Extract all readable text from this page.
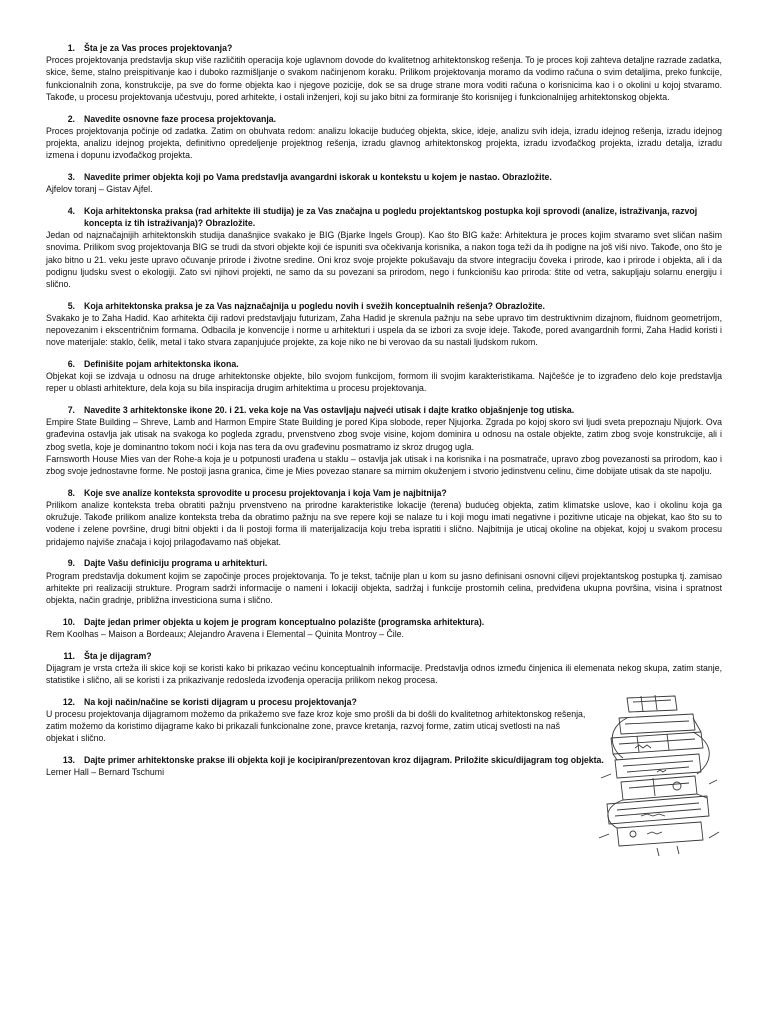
1. Šta je za Vas proces projektovanja?

Proces projektovanja predstavlja skup više različitih operacija koje uglavnom dovode do kvalitetnog arhitektonskog rešenja. To je proces koji zahteva detaljne razrade zadatka, skice, šeme, stalno preispitivanje kao i duboko razmišljanje o svakom načinjenom koraku. Prilikom projektovanja moramo da vodimo računa o svim detaljima, preko funkcije, funkcionalnih zona, konstrukcije, pa sve do forme objekta kao i njegove pozicije, dok se sa druge strane mora voditi računa o korisnicima kao i o okolini u kojoj stvaramo. Takođe, u procesu projektovanja učestvuju, pored arhitekte, i ostali inženjeri, koji su jako bitni za formiranje što korisnijeg i funkcionalnijeg arhitektonskog objekta.

2. Navedite osnovne faze procesa projektovanja.

Proces projektovanja počinje od zadatka. Zatim on obuhvata redom: analizu lokacije budućeg objekta, skice, ideje, analizu svih ideja, izradu idejnog rešenja, izradu idejnog projekta, analizu idejnog projekta, definitivno opredeljenje projektnog rešenja, izradu glavnog arhitektonskog projekta, izradu izvođačkog projekta, izradu detalja, izradu izmena i dopunu izvođačkog projekta.

3. Navedite primer objekta koji po Vama predstavlja avangardni iskorak u kontekstu u kojem je nastao. Obrazložite.

Ajfelov toranj – Gistav Ajfel.

4. Koja arhitektonska praksa (rad arhitekte ili studija) je za Vas značajna u pogledu projektantskog postupka koji sprovodi (analize, istraživanja, razvoj koncepta iz tih istraživanja)? Obrazložite.

Jedan od najznačajnijih arhitektonskih studija današnjice svakako je BIG (Bjarke Ingels Group). Kao što BIG kaže: Arhitektura je proces kojim stvaramo svet sličan našim snovima. Prilikom svog projektovanja BIG se trudi da stvori objekte koji će ispuniti sva očekivanja korisnika, a nakon toga teži da ih podigne na još viši nivo. Takođe, ono što je jako bitno u 21. veku jeste upravo očuvanje prirode i životne sredine. Oni kroz svoje projekte pokušavaju da stvore integraciju čoveka i prirode, kao i prirode i objekta, ali i da podignu ljudsku svest o ekologiji. Zato svi njihovi projekti, ne samo da su povezani sa prirodom, nego i funkcionišu kao priroda: štite od vetra, sakupljaju solarnu energiju i slično.

5. Koja arhitektonska praksa je za Vas najznačajnija u pogledu novih i svežih konceptualnih rešenja? Obrazložite.

Svakako je to Zaha Hadid. Kao arhitekta čiji radovi predstavljaju futurizam, Zaha Hadid je skrenula pažnju na sebe upravo tim destruktivnim dizajnom, fluidnom geometrijom, nepovezanim i ekscentričnim formama. Odbacila je konvencije i norme u arhitekturi i uspela da se izbori za svoje ideje. Takođe, pored avangardnih formi, Zaha Hadid koristi i nove materijale: staklo, čelik, metal i tako stvara zapanjujuće projekte, za koje niko ne bi verovao da su nastali ljudskom rukom.

6. Definišite pojam arhitektonska ikona.

Objekat koji se izdvaja u odnosu na druge arhitektonske objekte, bilo svojom funkcijom, formom ili svojim karakteristikama. Najčešće je to izgrađeno delo koje predstavlja reper u oblasti arhitekture, dela koja su bila inspiracija drugim arhitektima u procesu projektovanja.

7. Navedite 3 arhitektonske ikone 20. i 21. veka koje na Vas ostavljaju najveći utisak i dajte kratko objašnjenje tog utiska.

Empire State Building – Shreve, Lamb and Harmon Empire State Building je pored Kipa slobode, reper Njujorka. Zgrada po kojoj skoro svi ljudi sveta prepoznaju Njujork. Ova građevina ostavlja jak utisak na svakoga ko pogleda zgradu, prvenstveno zbog svoje visine, kojom dominira u odnosu na ostale objekte, zatim zbog svoje konstrukcije, ali i zbog svetla, koje je dominantno tokom noći i koja nas tera da ovu građevinu posmatramo iz skroz drugog ugla.

Farnsworth House Mies van der Rohe-a koja je u potpunosti urađena u staklu – ostavlja jak utisak i na korisnika i na posmatrače, upravo zbog povezanosti sa prirodom, kao i zbog svoje jednostavne forme. Ne postoji jasna granica, čime je Mies povezao stanare sa mirnim okuženjem i stvorio jedinstvenu celinu, čime dobijate utisak da ste napolju.

8. Koje sve analize konteksta sprovodite u procesu projektovanja i koja Vam je najbitnija?

Prilikom analize konteksta treba obratiti pažnju prvenstveno na prirodne karakteristike lokacije (terena) budućeg objekta, zatim klimatske uslove, kao i okolinu koja ga okružuje. Takođe prilikom analize konteksta treba da obratimo pažnju na sve repere koji se nalaze tu i koji mogu imati negativne i pozitivne uticaje na objekat, kao što su to vodene i zelene površine, drugi bitni objekti i da li postoji forma ili materijalizacija koju treba ispratiti i slično. Najbitnija je uticaj okoline na objekat, kojoj u svakom procesu pridajemo najviše značaja i kojoj prilagođavamo naš objekat.

9. Dajte Vašu definiciju programa u arhitekturi.

Program predstavlja dokument kojim se započinje proces projektovanja. To je tekst, tačnije plan u kom su jasno definisani osnovni ciljevi projektantskog postupka tj. zamisao arhitekte pri realizaciji strukture. Program sadrži informacije o nameni i lokaciji objekta, sadržaj i funkcije prostornih celina, predviđena ukupna površina, visina i spratnost objekta, način gradnje, približna investiciona suma i slično.

10. Dajte jedan primer objekta u kojem je program konceptualno polazište (programska arhitektura).

Rem Koolhas – Maison a Bordeaux; Alejandro Aravena i Elemental – Quinita Montroy – Čile.

11. Šta je dijagram?

Dijagram je vrsta crteža ili skice koji se koristi kako bi prikazao većinu konceptualnih informacije. Predstavlja odnos između činjenica ili elemenata nekog skupa, zatim stanje, statistike i slično, ali se koristi i za prikazivanje redosleda izvođenja operacija prilikom nekog procesa.

12. Na koji način/načine se koristi dijagram u procesu projektovanja?

U procesu projektovanja dijagramom možemo da prikažemo sve faze kroz koje smo prošli da bi došli do kvalitetnog arhitektonskog rešenja, zatim možemo da koristimo dijagrame kako bi prikazali funkcionalne zone, pravce kretanja, razvoj forme, zatim uticaj svetlosti na naš objekat i slično.

13. Dajte primer arhitektonske prakse ili objekta koji je kocipiran/prezentovan kroz dijagram. Priložite skicu/dijagram tog objekta.

Lerner Hall – Bernard Tschumi
